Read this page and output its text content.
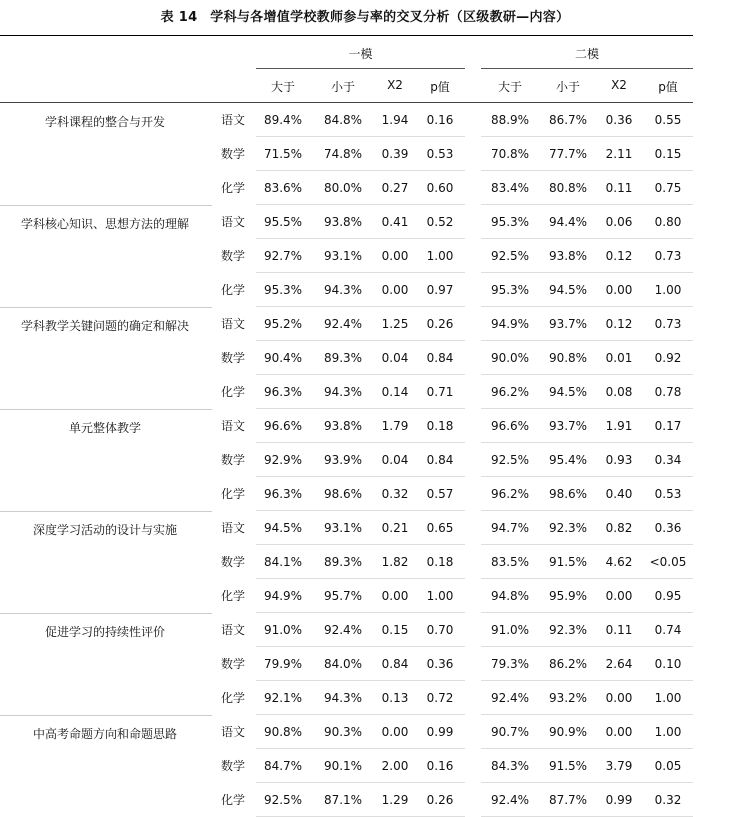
表 14 学科与各增值学校教师参与率的交叉分析（区级教研—内容）
一模	二模
大于	小于	X2	p值	大于	小于	X2	p值
学科课程的整合与开发	语文	89.4%	84.8%	1.94	0.16	88.9%	86.7%	0.36	0.55
数学	71.5%	74.8%	0.39	0.53	70.8%	77.7%	2.11	0.15
化学	83.6%	80.0%	0.27	0.60	83.4%	80.8%	0.11	0.75
学科核心知识、思想方法的理解	语文	95.5%	93.8%	0.41	0.52	95.3%	94.4%	0.06	0.80
数学	92.7%	93.1%	0.00	1.00	92.5%	93.8%	0.12	0.73
化学	95.3%	94.3%	0.00	0.97	95.3%	94.5%	0.00	1.00
学科教学关键问题的确定和解决	语文	95.2%	92.4%	1.25	0.26	94.9%	93.7%	0.12	0.73
数学	90.4%	89.3%	0.04	0.84	90.0%	90.8%	0.01	0.92
化学	96.3%	94.3%	0.14	0.71	96.2%	94.5%	0.08	0.78
单元整体教学	语文	96.6%	93.8%	1.79	0.18	96.6%	93.7%	1.91	0.17
数学	92.9%	93.9%	0.04	0.84	92.5%	95.4%	0.93	0.34
化学	96.3%	98.6%	0.32	0.57	96.2%	98.6%	0.40	0.53
深度学习活动的设计与实施	语文	94.5%	93.1%	0.21	0.65	94.7%	92.3%	0.82	0.36
数学	84.1%	89.3%	1.82	0.18	83.5%	91.5%	4.62	<0.05
化学	94.9%	95.7%	0.00	1.00	94.8%	95.9%	0.00	0.95
促进学习的持续性评价	语文	91.0%	92.4%	0.15	0.70	91.0%	92.3%	0.11	0.74
数学	79.9%	84.0%	0.84	0.36	79.3%	86.2%	2.64	0.10
化学	92.1%	94.3%	0.13	0.72	92.4%	93.2%	0.00	1.00
中高考命题方向和命题思路	语文	90.8%	90.3%	0.00	0.99	90.7%	90.9%	0.00	1.00
数学	84.7%	90.1%	2.00	0.16	84.3%	91.5%	3.79	0.05
化学	92.5%	87.1%	1.29	0.26	92.4%	87.7%	0.99	0.32
